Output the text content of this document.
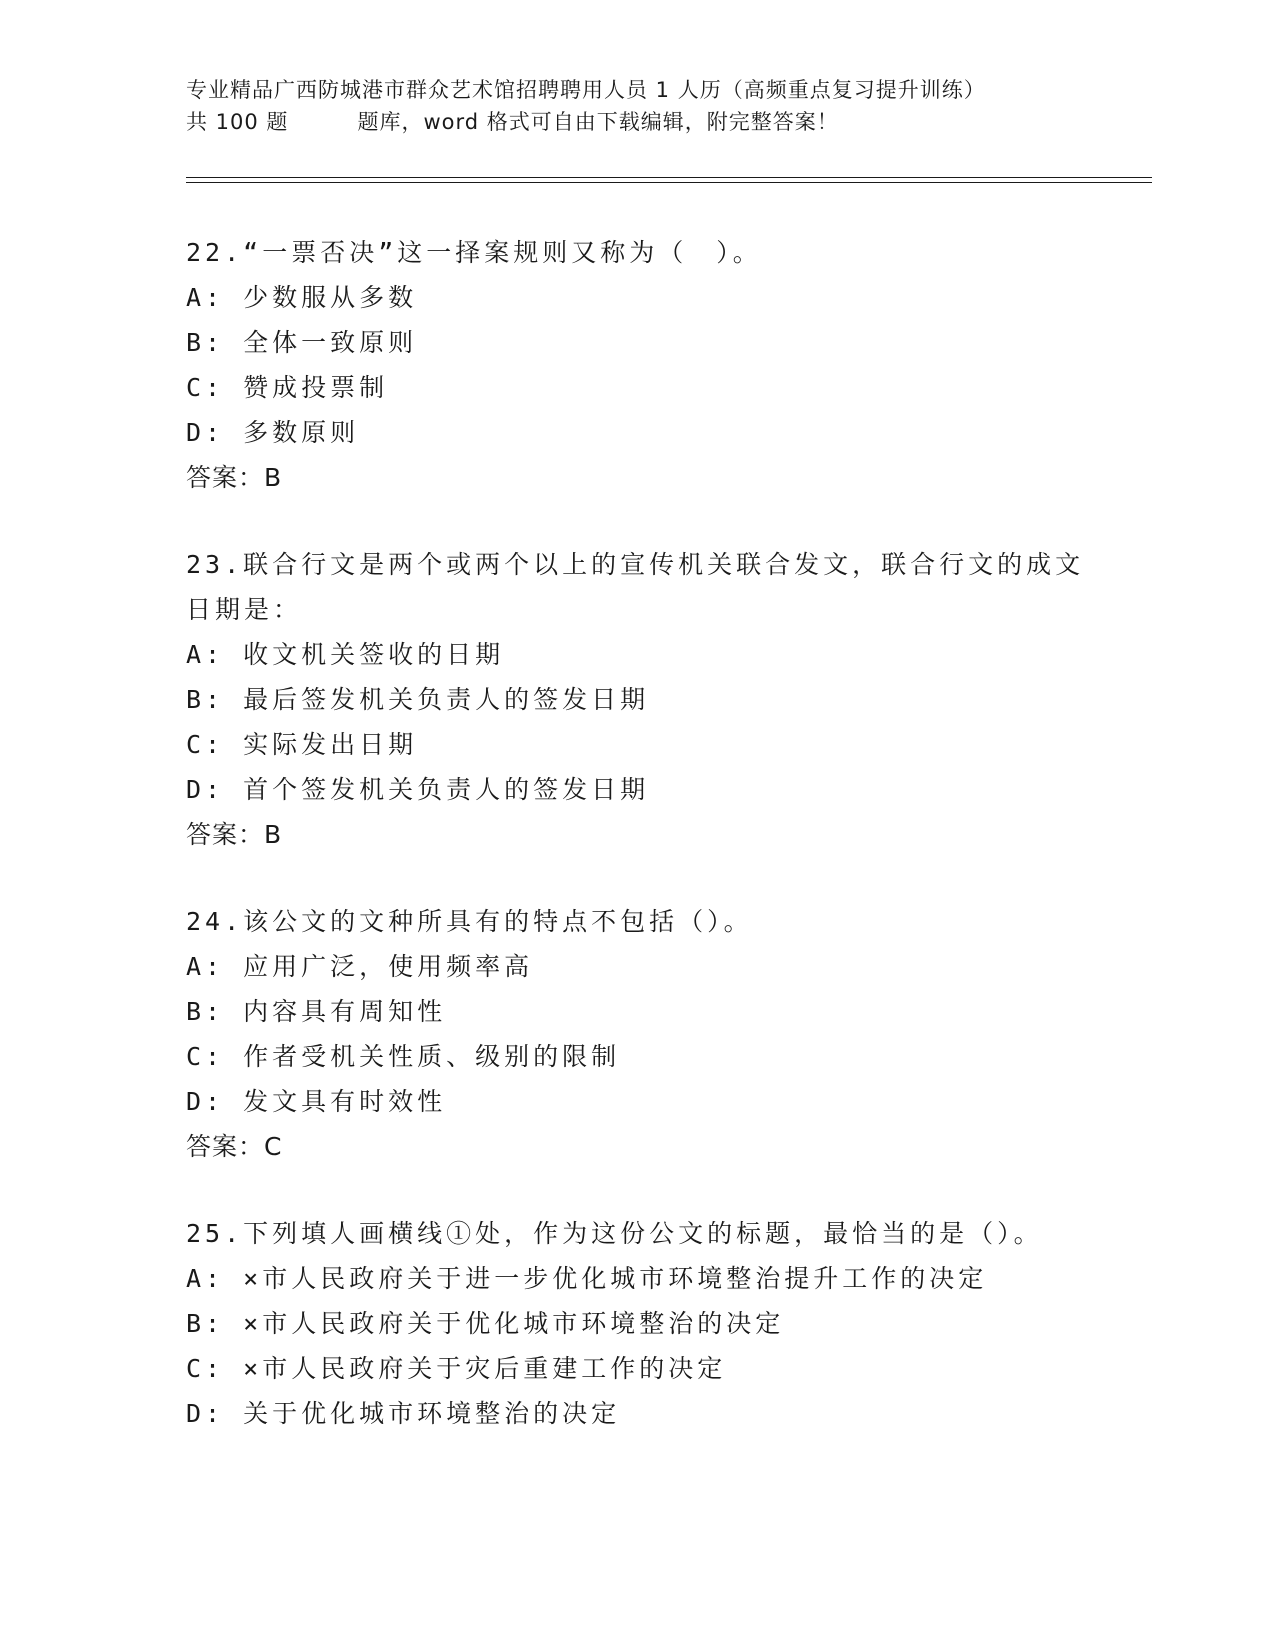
专业精品广西防城港市群众艺术馆招聘聘用人员 1 人历（高频重点复习提升训练）
共 100 题         题库，word 格式可自由下载编辑，附完整答案！
22.“一票否决”这一择案规则又称为（　）。
A: 少数服从多数
B: 全体一致原则
C: 赞成投票制
D: 多数原则
答案：B
23.联合行文是两个或两个以上的宣传机关联合发文，联合行文的成文日期是：
A: 收文机关签收的日期
B: 最后签发机关负责人的签发日期
C: 实际发出日期
D: 首个签发机关负责人的签发日期
答案：B
24.该公文的文种所具有的特点不包括（）。
A: 应用广泛，使用频率高
B: 内容具有周知性
C: 作者受机关性质、级别的限制
D: 发文具有时效性
答案：C
25.下列填人画横线①处，作为这份公文的标题，最恰当的是（）。
A: ×市人民政府关于进一步优化城市环境整治提升工作的决定
B: ×市人民政府关于优化城市环境整治的决定
C: ×市人民政府关于灾后重建工作的决定
D: 关于优化城市环境整治的决定
